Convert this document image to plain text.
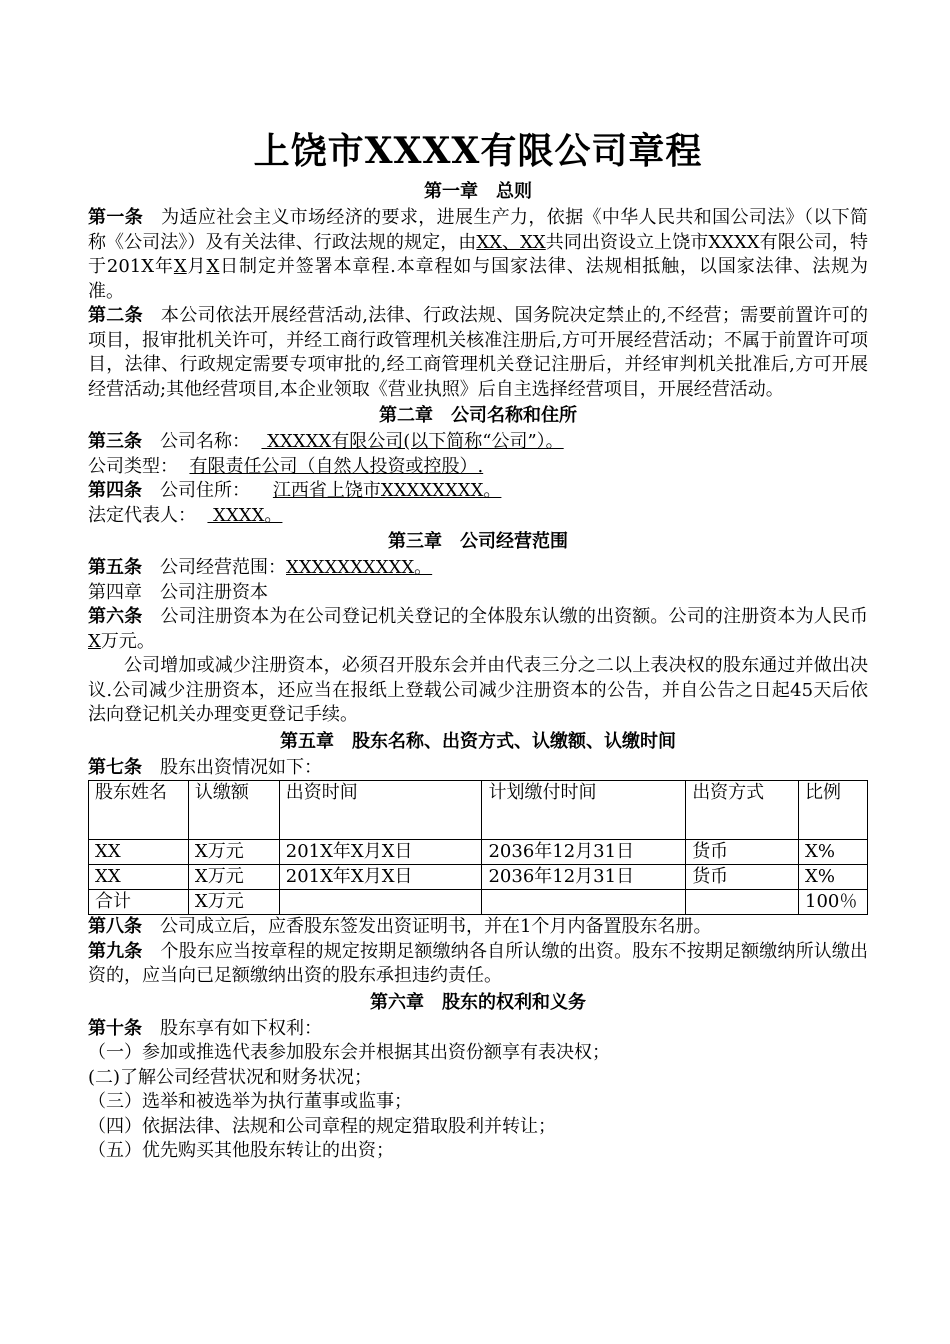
上饶市XXXX有限公司章程
第一章　总则

第一条 为适应社会主义市场经济的要求，进展生产力，依据《中华人民共和国公司法》（以下简称《公司法》）及有关法律、行政法规的规定，由XX、XX共同出资设立上饶市XXXX有限公司，特于201X年X月X日制定并签署本章程.本章程如与国家法律、法规相抵触，以国家法律、法规为准。

第二条 本公司依法开展经营活动,法律、行政法规、国务院决定禁止的,不经营；需要前置许可的项目，报审批机关许可，并经工商行政管理机关核准注册后,方可开展经营活动；不属于前置许可项目，法律、行政规定需要专项审批的,经工商管理机关登记注册后，并经审判机关批准后,方可开展经营活动;其他经营项目,本企业领取《营业执照》后自主选择经营项目，开展经营活动。

第二章　公司名称和住所

第三条 公司名称：   XXXXX有限公司(以下简称“公司”）。

公司类型： 有限责任公司（自然人投资或控股）.

第四条 公司住所： 江西省上饶市XXXXXXXX。

法定代表人：   XXXX。

第三章　公司经营范围

第五条 公司经营范围：XXXXXXXXXX。

第四章　公司注册资本

第六条 公司注册资本为在公司登记机关登记的全体股东认缴的出资额。公司的注册资本为人民币X万元。

公司增加或减少注册资本，必须召开股东会并由代表三分之二以上表决权的股东通过并做出决议.公司减少注册资本，还应当在报纸上登载公司减少注册资本的公告，并自公告之日起45天后依法向登记机关办理变更登记手续。

第五章　股东名称、出资方式、认缴额、认缴时间

第七条 股东出资情况如下：

股东姓名	认缴额	出资时间	计划缴付时间	出资方式	比例
XX	X万元	201X年X月X日	2036年12月31日	货币	X%
XX	X万元	201X年X月X日	2036年12月31日	货币	X%
合计	X万元				100％

第八条 公司成立后，应香股东签发出资证明书，并在1个月内备置股东名册。

第九条 个股东应当按章程的规定按期足额缴纳各自所认缴的出资。股东不按期足额缴纳所认缴出资的，应当向已足额缴纳出资的股东承担违约责任。

第六章　股东的权利和义务

第十条 股东享有如下权利：

（一）参加或推选代表参加股东会并根据其出资份额享有表决权；

(二)了解公司经营状况和财务状况；

（三）选举和被选举为执行董事或监事；

（四）依据法律、法规和公司章程的规定猎取股利并转让；

（五）优先购买其他股东转让的出资；
